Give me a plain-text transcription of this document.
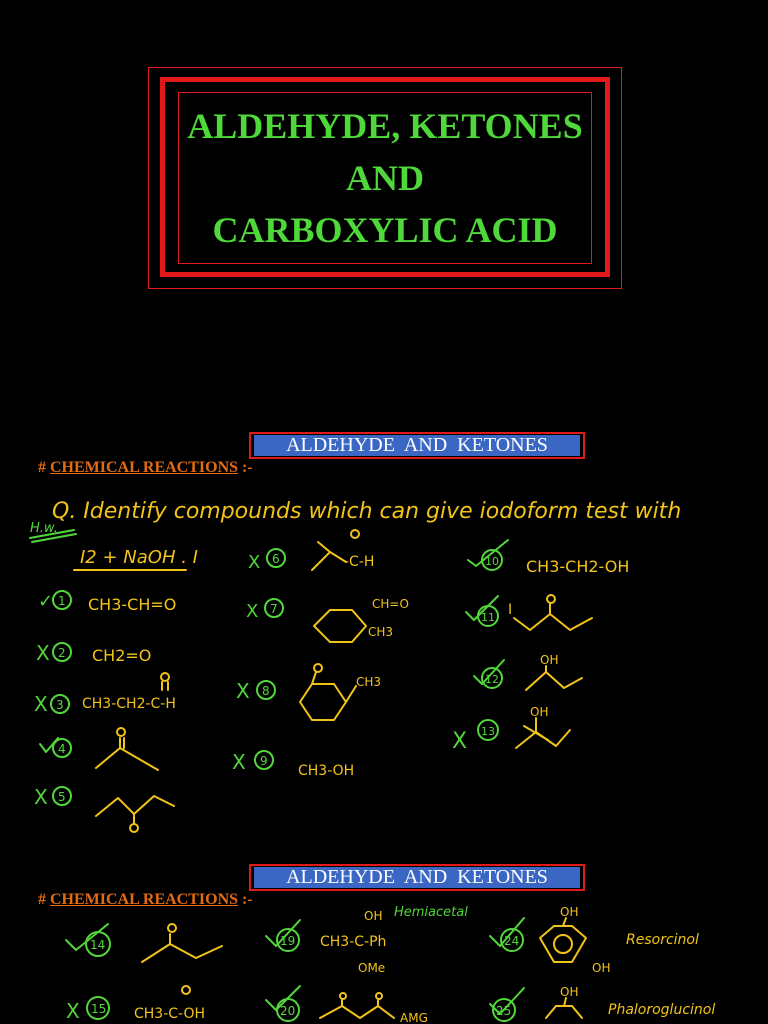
ALDEHYDE, KETONES
AND
CARBOXYLIC ACID
ALDEHYDE  AND  KETONES
# CHEMICAL REACTIONS :-
ALDEHYDE  AND  KETONES
# CHEMICAL REACTIONS :-
Q. Identify compounds which can give iodoform test with
H.w.
I2 + NaOH . I
✓ 1 CH3-CH=O
X 2 CH2=O
X 3 CH3-CH2-C-H
4
X 5
X 6	-C-H
X 7	CH=O
CH3
X 8
CH3
X 9
CH3-OH
10 CH3-CH2-OH
11 I
12
OH
X 13
OH
14
X 15 CH3-C-OH
19 CH3-C-Ph
OH
OMe
Hemiacetal
20	AMG
24
OH
OH
Resorcinol
25
OH
Phaloroglucinol
